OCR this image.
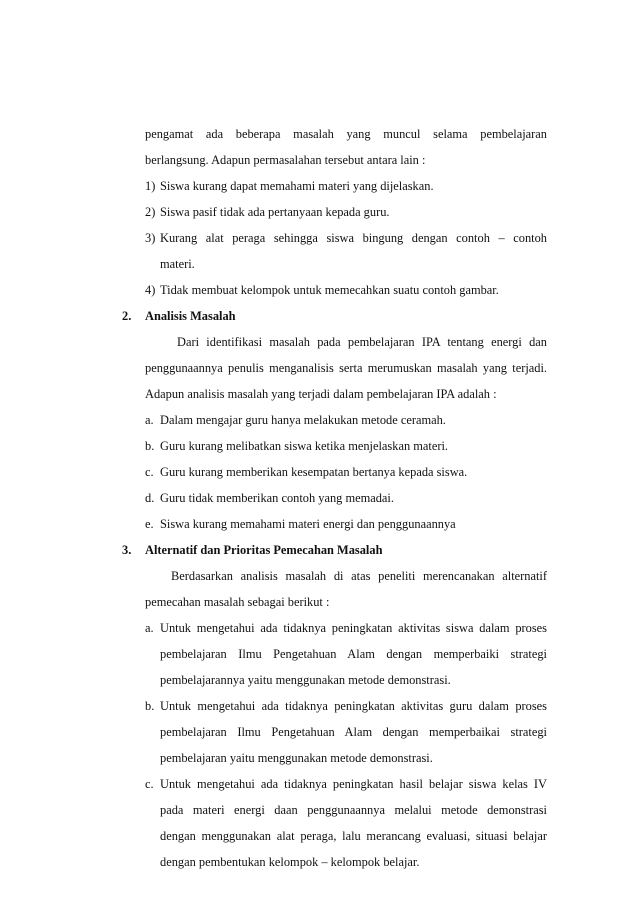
pengamat ada beberapa masalah yang muncul selama pembelajaran
berlangsung. Adapun permasalahan tersebut antara lain :
1) Siswa kurang dapat memahami materi yang dijelaskan.
2) Siswa pasif tidak ada pertanyaan kepada guru.
3) Kurang alat peraga sehingga siswa bingung dengan contoh – contoh
materi.
4) Tidak membuat kelompok untuk memecahkan suatu contoh gambar.
2. Analisis Masalah
Dari identifikasi masalah pada pembelajaran IPA tentang energi dan
penggunaannya penulis menganalisis serta merumuskan masalah yang terjadi.
Adapun analisis masalah yang terjadi dalam pembelajaran IPA adalah :
a. Dalam mengajar guru hanya melakukan metode ceramah.
b. Guru kurang melibatkan siswa ketika menjelaskan materi.
c. Guru kurang memberikan kesempatan bertanya kepada siswa.
d. Guru tidak memberikan contoh yang memadai.
e. Siswa kurang memahami materi energi dan penggunaannya
3. Alternatif dan Prioritas Pemecahan Masalah
Berdasarkan analisis masalah di atas peneliti merencanakan alternatif
pemecahan masalah sebagai berikut :
a. Untuk mengetahui ada tidaknya peningkatan aktivitas siswa dalam proses
pembelajaran Ilmu Pengetahuan Alam dengan memperbaiki strategi
pembelajarannya yaitu menggunakan metode demonstrasi.
b. Untuk mengetahui ada tidaknya peningkatan aktivitas guru dalam proses
pembelajaran Ilmu Pengetahuan Alam dengan memperbaikai strategi
pembelajaran yaitu menggunakan metode demonstrasi.
c. Untuk mengetahui ada tidaknya peningkatan hasil belajar siswa kelas IV
pada materi energi daan penggunaannya melalui metode demonstrasi
dengan menggunakan alat peraga, lalu merancang evaluasi, situasi belajar
dengan pembentukan kelompok – kelompok belajar.
